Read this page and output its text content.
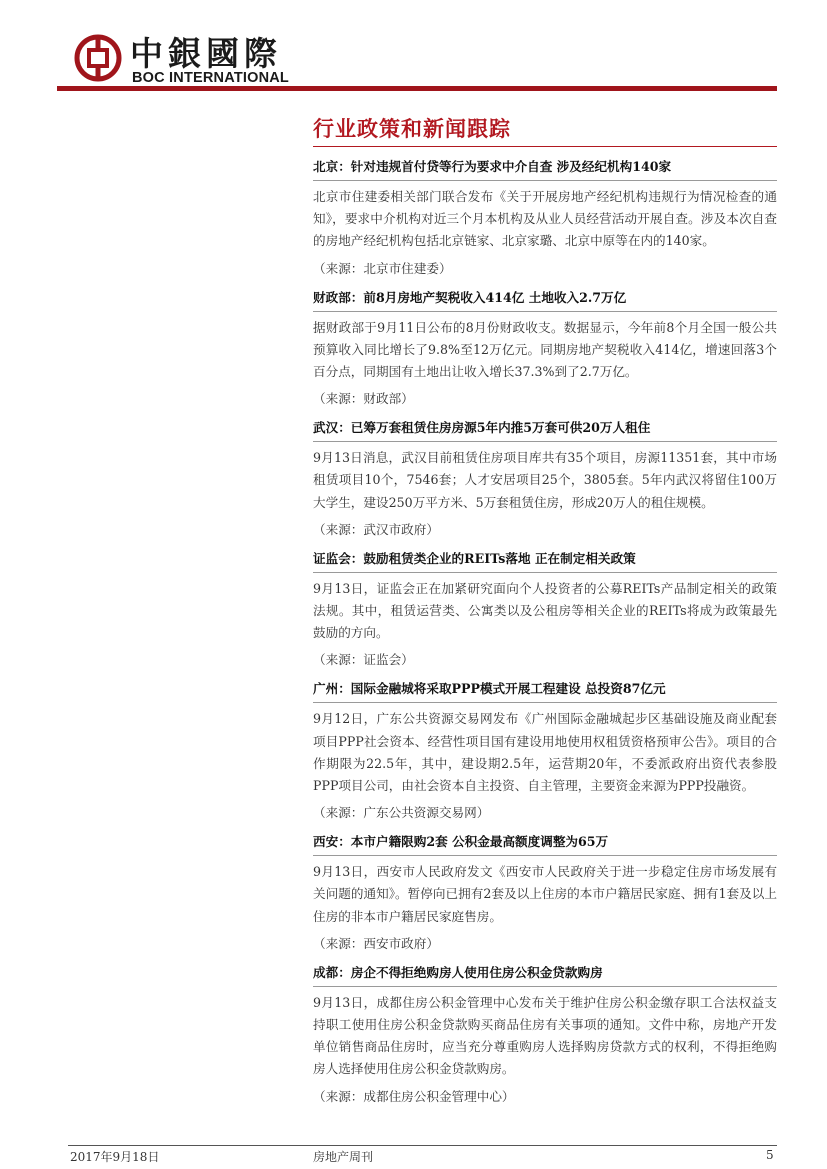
中銀國際
BOC INTERNATIONAL
行业政策和新闻跟踪
北京：针对违规首付贷等行为要求中介自查 涉及经纪机构140家

北京市住建委相关部门联合发布《关于开展房地产经纪机构违规行为情况检查的通知》，要求中介机构对近三个月本机构及从业人员经营活动开展自查。涉及本次自查的房地产经纪机构包括北京链家、北京家璐、北京中原等在内的140家。

（来源：北京市住建委）
财政部：前8月房地产契税收入414亿 土地收入2.7万亿

据财政部于9月11日公布的8月份财政收支。数据显示，今年前8个月全国一般公共预算收入同比增长了9.8%至12万亿元。同期房地产契税收入414亿，增速回落3个百分点，同期国有土地出让收入增长37.3%到了2.7万亿。

（来源：财政部）
武汉：已筹万套租赁住房房源5年内推5万套可供20万人租住

9月13日消息，武汉目前租赁住房项目库共有35个项目，房源11351套，其中市场租赁项目10个，7546套；人才安居项目25个，3805套。5年内武汉将留住100万大学生，建设250万平方米、5万套租赁住房，形成20万人的租住规模。

（来源：武汉市政府）
证监会：鼓励租赁类企业的REITs落地 正在制定相关政策

9月13日，证监会正在加紧研究面向个人投资者的公募REITs产品制定相关的政策法规。其中，租赁运营类、公寓类以及公租房等相关企业的REITs将成为政策最先鼓励的方向。

（来源：证监会）
广州：国际金融城将采取PPP模式开展工程建设 总投资87亿元

9月12日，广东公共资源交易网发布《广州国际金融城起步区基础设施及商业配套项目PPP社会资本、经营性项目国有建设用地使用权租赁资格预审公告》。项目的合作期限为22.5年，其中，建设期2.5年，运营期20年，不委派政府出资代表参股PPP项目公司，由社会资本自主投资、自主管理，主要资金来源为PPP投融资。

（来源：广东公共资源交易网）
西安：本市户籍限购2套 公积金最高额度调整为65万

9月13日，西安市人民政府发文《西安市人民政府关于进一步稳定住房市场发展有关问题的通知》。暂停向已拥有2套及以上住房的本市户籍居民家庭、拥有1套及以上住房的非本市户籍居民家庭售房。

（来源：西安市政府）
成都：房企不得拒绝购房人使用住房公积金贷款购房

9月13日，成都住房公积金管理中心发布关于维护住房公积金缴存职工合法权益支持职工使用住房公积金贷款购买商品住房有关事项的通知。文件中称，房地产开发单位销售商品住房时，应当充分尊重购房人选择购房贷款方式的权利，不得拒绝购房人选择使用住房公积金贷款购房。

（来源：成都住房公积金管理中心）
2017年9月18日	房地产周刊	5
